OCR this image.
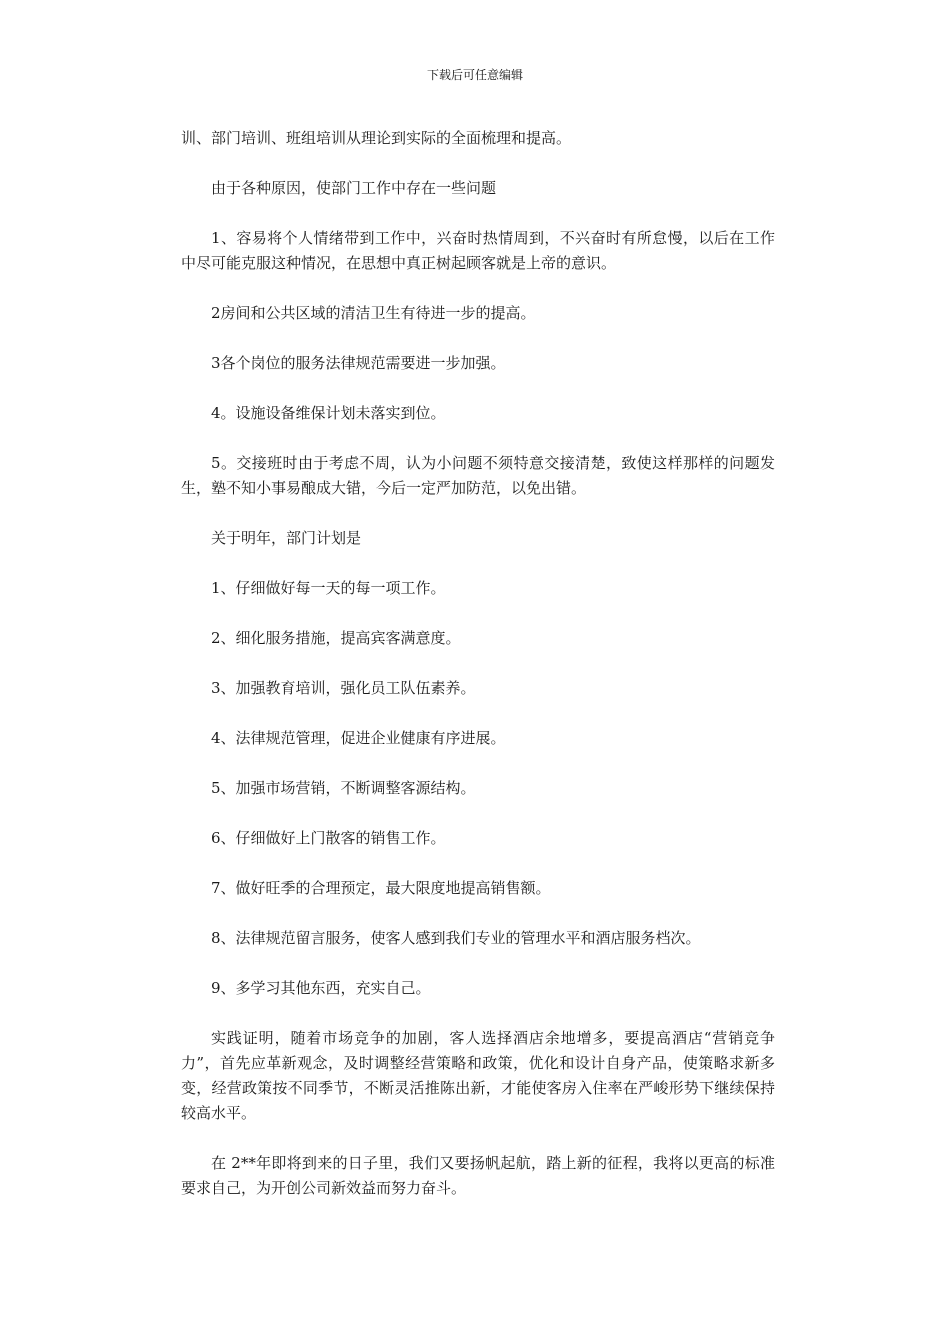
下载后可任意编辑

训、部门培训、班组培训从理论到实际的全面梳理和提高。

由于各种原因，使部门工作中存在一些问题

1、容易将个人情绪带到工作中，兴奋时热情周到，不兴奋时有所怠慢，以后在工作中尽可能克服这种情况，在思想中真正树起顾客就是上帝的意识。

2房间和公共区域的清洁卫生有待进一步的提高。

3各个岗位的服务法律规范需要进一步加强。

4。设施设备维保计划未落实到位。

5。交接班时由于考虑不周，认为小问题不须特意交接清楚，致使这样那样的问题发生，塾不知小事易酿成大错，今后一定严加防范，以免出错。

关于明年，部门计划是

1、仔细做好每一天的每一项工作。

2、细化服务措施，提高宾客满意度。

3、加强教育培训，强化员工队伍素养。

4、法律规范管理，促进企业健康有序进展。

5、加强市场营销，不断调整客源结构。

6、仔细做好上门散客的销售工作。

7、做好旺季的合理预定，最大限度地提高销售额。

8、法律规范留言服务，使客人感到我们专业的管理水平和酒店服务档次。

9、多学习其他东西，充实自己。

实践证明，随着市场竞争的加剧，客人选择酒店余地增多，要提高酒店“营销竞争力”，首先应革新观念，及时调整经营策略和政策，优化和设计自身产品，使策略求新多变，经营政策按不同季节，不断灵活推陈出新，才能使客房入住率在严峻形势下继续保持较高水平。

在 2**年即将到来的日子里，我们又要扬帆起航，踏上新的征程，我将以更高的标准要求自己，为开创公司新效益而努力奋斗。
